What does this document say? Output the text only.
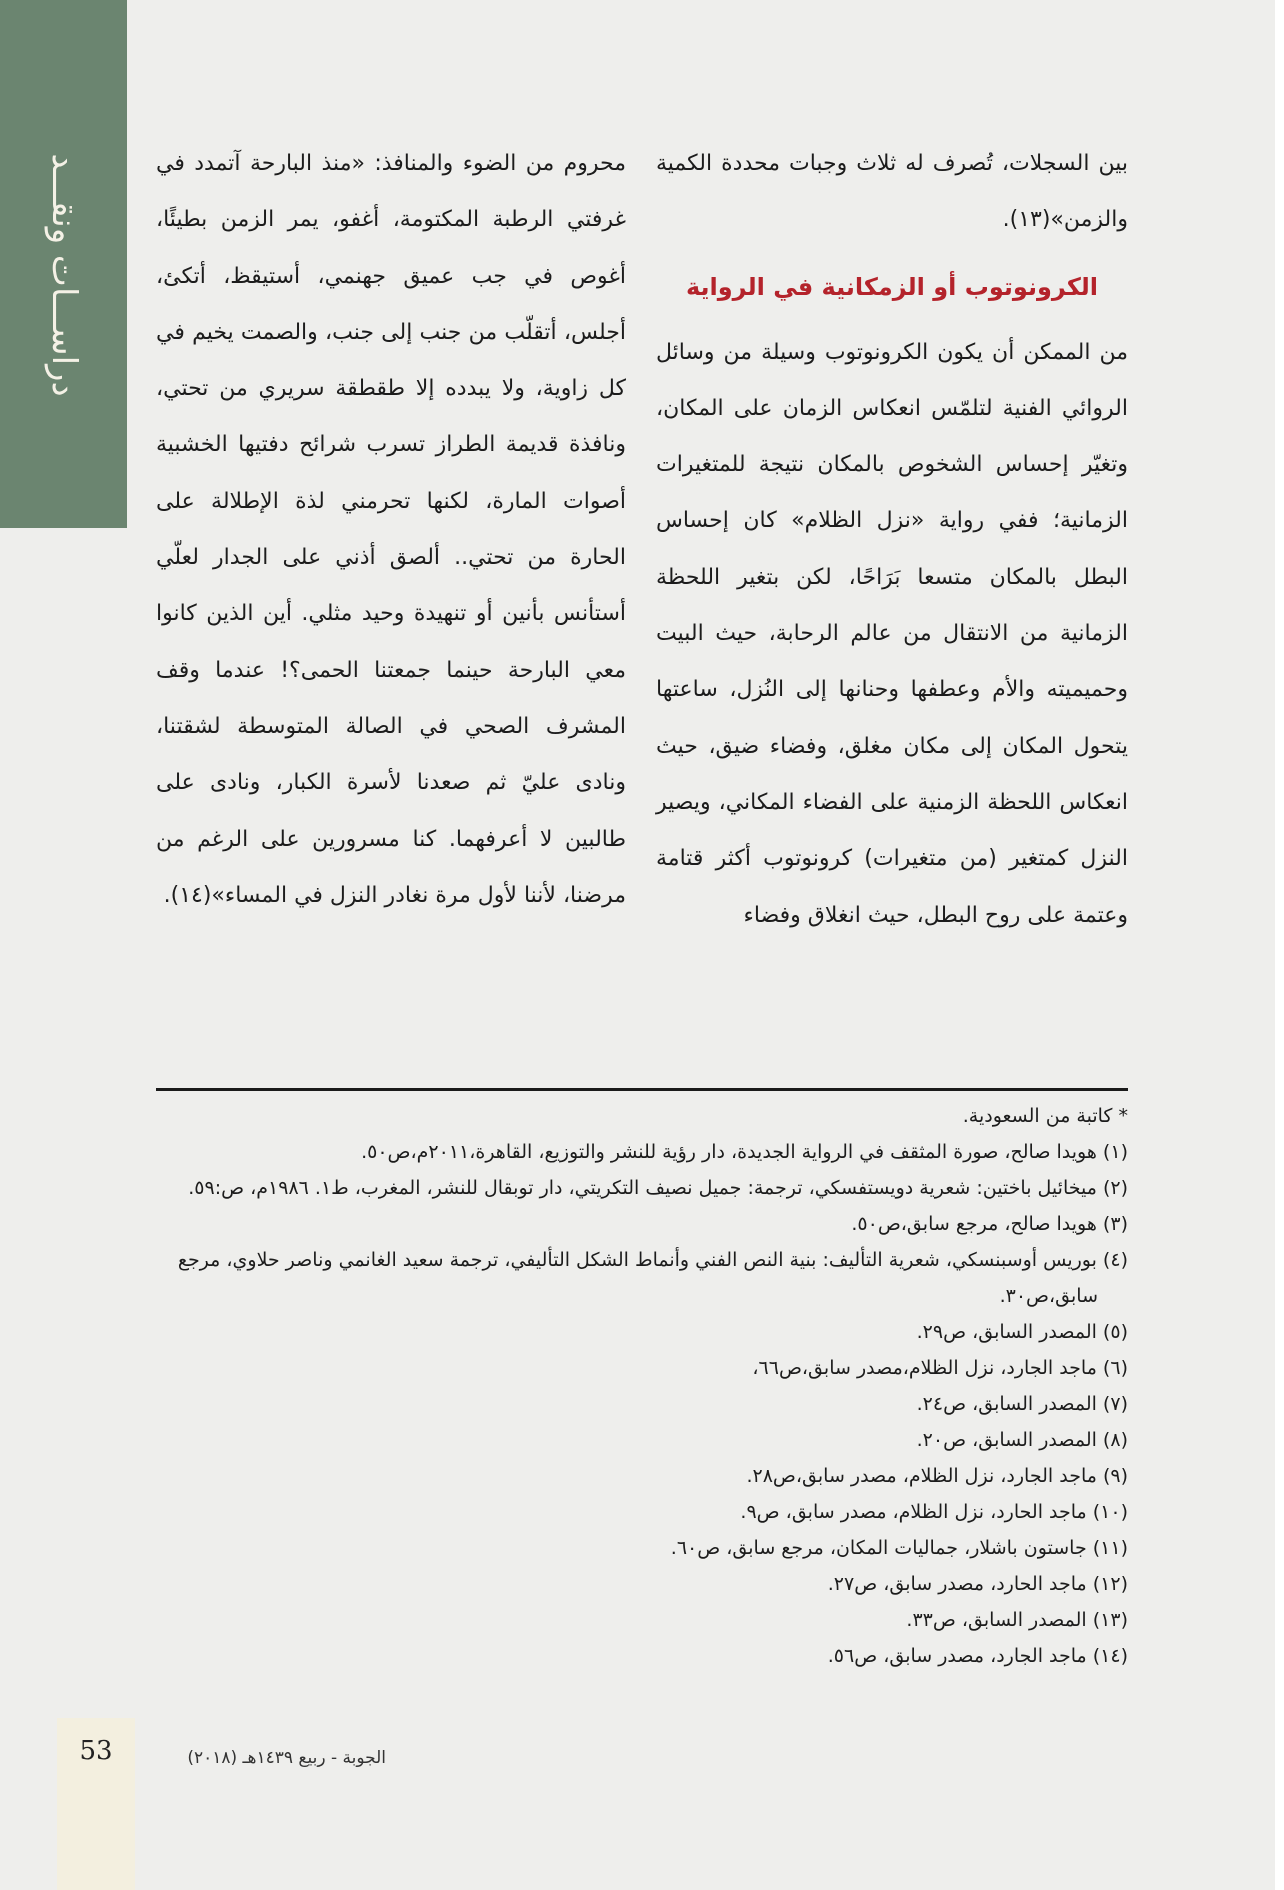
دراســـات ونقـــد	بين السجلات، تُصرف له ثلاث وجبات محددة الكمية والزمن»(١٣).

الكرونوتوب أو الزمكانية في الرواية

من الممكن أن يكون الكرونوتوب وسيلة من وسائل الروائي الفنية لتلمّس انعكاس الزمان على المكان، وتغيّر إحساس الشخوص بالمكان نتيجة للمتغيرات الزمانية؛ ففي رواية «نزل الظلام» كان إحساس البطل بالمكان متسعا بَرَاحًا، لكن بتغير اللحظة الزمانية من الانتقال من عالم الرحابة، حيث البيت وحميميته والأم وعطفها وحنانها إلى النُزل، ساعتها يتحول المكان إلى مكان مغلق، وفضاء ضيق، حيث انعكاس اللحظة الزمنية على الفضاء المكاني، ويصير النزل كمتغير (من متغيرات) كرونوتوب أكثر قتامة وعتمة على روح البطل، حيث انغلاق وفضاء

محروم من الضوء والمنافذ: «منذ البارحة آتمدد في غرفتي الرطبة المكتومة، أغفو، يمر الزمن بطيئًا، أغوص في جب عميق جهنمي، أستيقظ، أتكئ، أجلس، أتقلّب من جنب إلى جنب، والصمت يخيم في كل زاوية، ولا يبدده إلا طقطقة سريري من تحتي، ونافذة قديمة الطراز تسرب شرائح دفتيها الخشبية أصوات المارة، لكنها تحرمني لذة الإطلالة على الحارة من تحتي.. ألصق أذني على الجدار لعلّي أستأنس بأنين أو تنهيدة وحيد مثلي. أين الذين كانوا معي البارحة حينما جمعتنا الحمى؟! عندما وقف المشرف الصحي في الصالة المتوسطة لشقتنا، ونادى عليّ ثم صعدنا لأسرة الكبار، ونادى على طالبين لا أعرفهما. كنا مسرورين على الرغم من مرضنا، لأننا لأول مرة نغادر النزل في المساء»(١٤).

* كاتبة من السعودية.

(١) هويدا صالح، صورة المثقف في الرواية الجديدة، دار رؤية للنشر والتوزيع، القاهرة،٢٠١١م،ص٥٠.

(٢) ميخائيل باختين: شعرية دويستفسكي، ترجمة: جميل نصيف التكريتي، دار توبقال للنشر، المغرب، ط١. ١٩٨٦م، ص:٥٩.

(٣) هويدا صالح، مرجع سابق،ص٥٠.

(٤) بوريس أوسبنسكي، شعرية التأليف: بنية النص الفني وأنماط الشكل التأليفي، ترجمة سعيد الغانمي وناصر حلاوي، مرجع سابق،ص٣٠.

(٥) المصدر السابق، ص٢٩.

(٦) ماجد الجارد، نزل الظلام،مصدر سابق،ص٦٦،

(٧) المصدر السابق، ص٢٤.

(٨) المصدر السابق، ص٢٠.

(٩) ماجد الجارد، نزل الظلام، مصدر سابق،ص٢٨.

(١٠) ماجد الحارد، نزل الظلام، مصدر سابق، ص٩.

(١١) جاستون باشلار، جماليات المكان، مرجع سابق، ص٦٠.

(١٢) ماجد الحارد، مصدر سابق، ص٢٧.

(١٣) المصدر السابق، ص٣٣.

(١٤) ماجد الجارد، مصدر سابق، ص٥٦.

53	الجوبة - ربيع ١٤٣٩هـ (٢٠١٨)
